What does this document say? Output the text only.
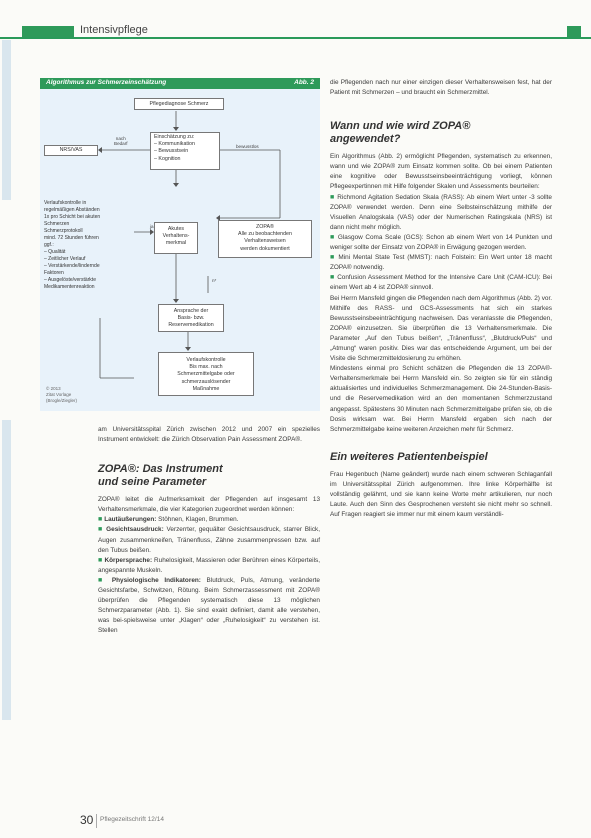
Intensivpflege
Algorithmus zur Schmerzeinschätzung	Abb. 2
Pflegediagnose Schmerz
Einschätzung zu:
– Kommunikation
– Bewusstsein
– Kognition
nach
Bedarf
bewusstlos
NRS/VAS
Verlaufskontrolle in
regelmäßigen Abständen
1x pro Schicht bei akuten
Schmerzen
Schmerzprotokoll
mind. 72 Stunden führen
ggf.:
– Qualität
– Zeitlicher Verlauf
– Verstärkende/lindernde
Faktoren
– Ausgelöste/verstärkte
Medikamentenreaktion
ja	Akutes
Verhaltens-
merkmal
ZOPA®
Alle zu beobachtenden
Verhaltensweisen
werden dokumentiert
n*
Ansprache der
Basis- bzw.
Reservemedikation
Verlaufskontrolle
Bis max. nach
Schmerzmittelgabe oder
schmerzauslösender
Maßnahme
© 2013
Zitat Vorlage
(Brogle/Ziegler)

am Universitätsspital Zürich zwischen 2012 und 2007 ein spezielles Instrument entwickelt: die Zürich Observation Pain Assessment ZOPA®.

ZOPA®: Das Instrument
und seine Parameter

ZOPA® leitet die Aufmerksamkeit der Pflegenden auf insgesamt 13 Verhaltensmerkmale, die vier Kategorien zugeordnet werden können:

■ Lautäußerungen: Stöhnen, Klagen, Brummen.

■ Gesichtsausdruck: Verzerrter, gequälter Gesichtsausdruck, starrer Blick, Augen zusammenkneifen, Tränenfluss, Zähne zusammenpressen bzw. auf den Tubus beißen.

■ Körpersprache: Ruhelosigkeit, Massieren oder Berühren eines Körperteils, angespannte Muskeln.

■ Physiologische Indikatoren: Blutdruck, Puls, Atmung, veränderte Gesichtsfarbe, Schwitzen, Rötung. Beim Schmerzassessment mit ZOPA® überprüfen die Pflegenden systematisch diese 13 möglichen Schmerzparameter (Abb. 1). Sie sind exakt definiert, damit alle verstehen, was bei-spielsweise unter „Klagen“ oder „Ruhelosigkeit“ zu verstehen ist. Stellen

die Pflegenden nach nur einer einzigen dieser Verhaltensweisen fest, hat der Patient mit Schmerzen – und braucht ein Schmerzmittel.

Wann und wie wird ZOPA®
angewendet?

Ein Algorithmus (Abb. 2) ermöglicht Pflegenden, systematisch zu erkennen, wann und wie ZOPA® zum Einsatz kommen sollte. Ob bei einem Patienten eine kognitive oder Bewusstseinsbeeinträchtigung vorliegt, können Pflegeexpertinnen mit Hilfe folgender Skalen und Assessments beurteilen:

■ Richmond Agitation Sedation Skala (RASS): Ab einem Wert unter -3 sollte ZOPA® verwendet werden. Denn eine Selbsteinschätzung mithilfe der Visuellen Analogskala (VAS) oder der Numerischen Ratingskala (NRS) ist dann nicht mehr möglich.

■ Glasgow Coma Scale (GCS): Schon ab einem Wert von 14 Punkten und weniger sollte der Einsatz von ZOPA® in Erwägung gezogen werden.

■ Mini Mental State Test (MMST): nach Folstein: Ein Wert unter 18 macht ZOPA® notwendig.

■ Confusion Assessment Method for the Intensive Care Unit (CAM-ICU): Bei einem Wert ab 4 ist ZOPA® sinnvoll.

Bei Herrn Mansfeld gingen die Pflegenden nach dem Algorithmus (Abb. 2) vor. Mithilfe des RASS- und GCS-Assessments hat sich ein starkes Bewusstseinsbeeinträchtigung nachweisen. Das veranlasste die Pflegenden, ZOPA® einzusetzen. Sie überprüften die 13 Verhaltensmerkmale. Die Parameter „Auf den Tubus beißen“, „Tränenfluss“, „Blutdruck/Puls“ und „Atmung“ waren positiv. Dies war das entscheidende Argument, um bei der Visite die Schmerzmitteldosierung zu erhöhen.

Mindestens einmal pro Schicht schätzen die Pflegenden die 13 ZOPA®-Verhaltensmerkmale bei Herrn Mansfeld ein. So zeigten sie für ein ständig aktualisiertes und individuelles Schmerzmanagement. Die 24-Stunden-Basis- und die Reservemedikation wird an den momentanen Schmerzzustand angepasst. Spätestens 30 Minuten nach Schmerzmittelgabe prüfen sie, ob die Dosis wirksam war. Bei Herrn Mansfeld ergaben sich nach der Schmerzmittelgabe keine weiteren Anzeichen mehr für Schmerz.

Ein weiteres Patientenbeispiel

Frau Hegenbuch (Name geändert) wurde nach einem schweren Schlaganfall im Universitätsspital Zürich aufgenommen. Ihre linke Körperhälfte ist vollständig gelähmt, und sie kann keine Worte mehr artikulieren, nur noch Laute. Auch den Sinn des Gesprochenen versteht sie nicht mehr so schnell. Auf Fragen reagiert sie immer nur mit einem kaum verständli-

30 Pflegezeitschrift 12/14
